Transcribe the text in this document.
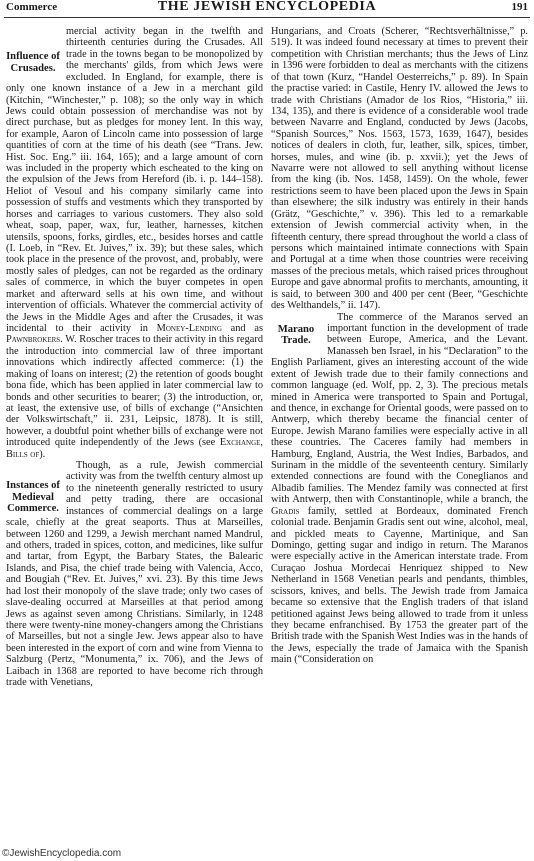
Commerce	THE JEWISH ENCYCLOPEDIA	191

Influence of Crusades.
mercial activity began in the twelfth and thirteenth centuries during the Crusades. All trade in the towns began to be monopolized by the merchants' gilds, from which Jews were excluded. In England, for example, there is only one known instance of a Jew in a merchant gild (Kitchin, “Winchester,” p. 108); so the only way in which Jews could obtain possession of merchandise was not by direct purchase, but as pledges for money lent. In this way, for example, Aaron of Lincoln came into possession of large quantities of corn at the time of his death (see “Trans. Jew. Hist. Soc. Eng.” iii. 164, 165); and a large amount of corn was included in the property which escheated to the king on the expulsion of the Jews from Hereford (ib. i. p. 144–158). Heliot of Vesoul and his company similarly came into possession of stuffs and vestments which they transported by horses and carriages to various customers. They also sold wheat, soap, paper, wax, fur, leather, harnesses, kitchen utensils, spoons, forks, girdles, etc., besides horses and cattle (I. Loeb, in “Rev. Et. Juives,” ix. 39); but these sales, which took place in the presence of the provost, and, probably, were mostly sales of pledges, can not be regarded as the ordinary sales of commerce, in which the buyer competes in open market and afterward sells at his own time, and without intervention of officials. Whatever the commercial activity of the Jews in the Middle Ages and after the Crusades, it was incidental to their activity in Money-Lending and as Pawnbrokers. W. Roscher traces to their activity in this regard the introduction into commercial law of three important innovations which indirectly affected commerce: (1) the making of loans on interest; (2) the retention of goods bought bona fide, which has been applied in later commercial law to bonds and other securities to bearer; (3) the introduction, or, at least, the extensive use, of bills of exchange (“Ansichten der Volkswirtschaft,” ii. 231, Leipsic, 1878). It is still, however, a doubtful point whether bills of exchange were not introduced quite independently of the Jews (see Exchange, Bills of).

Instances of Medieval Commerce.
Though, as a rule, Jewish commercial activity was from the twelfth century almost up to the nineteenth generally restricted to usury and petty trading, there are occasional instances of commercial dealings on a large scale, chiefly at the great seaports. Thus at Marseilles, between 1260 and 1299, a Jewish merchant named Mandrul, and others, traded in spices, cotton, and medicines, like sulfur and tartar, from Egypt, the Barbary States, the Balearic Islands, and Pisa, the chief trade being with Valencia, Acco, and Bougiah (“Rev. Et. Juives,” xvi. 23). By this time Jews had lost their monopoly of the slave trade; only two cases of slave-dealing occurred at Marseilles at that period among Jews as against seven among Christians. Similarly, in 1248 there were twenty-nine money-changers among the Christians of Marseilles, but not a single Jew. Jews appear also to have been interested in the export of corn and wine from Vienna to Salzburg (Pertz, “Monumenta,” ix. 706), and the Jews of Laibach in 1368 are reported to have become rich through trade with Venetians,

Hungarians, and Croats (Scherer, “Rechtsverhältnisse,” p. 519). It was indeed found necessary at times to prevent their competition with Christian merchants; thus the Jews of Linz in 1396 were forbidden to deal as merchants with the citizens of that town (Kurz, “Handel Oesterreichs,” p. 89). In Spain the practise varied: in Castile, Henry IV. allowed the Jews to trade with Christians (Amador de los Rios, “Historia,” iii. 134, 135), and there is evidence of a considerable wool trade between Navarre and England, conducted by Jews (Jacobs, “Spanish Sources,” Nos. 1563, 1573, 1639, 1647), besides notices of dealers in cloth, fur, leather, silk, spices, timber, horses, mules, and wine (ib. p. xxvii.); yet the Jews of Navarre were not allowed to sell anything without license from the king (ib. Nos. 1458, 1459). On the whole, fewer restrictions seem to have been placed upon the Jews in Spain than elsewhere; the silk industry was entirely in their hands (Grätz, “Geschichte,” v. 396). This led to a remarkable extension of Jewish commercial activity when, in the fifteenth century, there spread throughout the world a class of persons which maintained intimate connections with Spain and Portugal at a time when those countries were receiving masses of the precious metals, which raised prices throughout Europe and gave abnormal profits to merchants, amounting, it is said, to between 300 and 400 per cent (Beer, “Geschichte des Welthandels,” ii. 147).

Marano Trade.
The commerce of the Maranos served an important function in the development of trade between Europe, America, and the Levant. Manasseh ben Israel, in his “Declaration” to the English Parliament, gives an interesting account of the wide extent of Jewish trade due to their family connections and common language (ed. Wolf, pp. 2, 3). The precious metals mined in America were transported to Spain and Portugal, and thence, in exchange for Oriental goods, were passed on to Antwerp, which thereby became the financial center of Europe. Jewish Marano families were especially active in all these countries. The Caceres family had members in Hamburg, England, Austria, the West Indies, Barbados, and Surinam in the middle of the seventeenth century. Similarly extended connections are found with the Coneglianos and Albadib families. The Mendez family was connected at first with Antwerp, then with Constantinople, while a branch, the Gradis family, settled at Bordeaux, dominated French colonial trade. Benjamin Gradis sent out wine, alcohol, meal, and pickled meats to Cayenne, Martinique, and San Domingo, getting sugar and indigo in return. The Maranos were especially active in the American interstate trade. From Curaçao Joshua Mordecai Henriquez shipped to New Netherland in 1568 Venetian pearls and pendants, thimbles, scissors, knives, and bells. The Jewish trade from Jamaica became so extensive that the English traders of that island petitioned against Jews being allowed to trade from it unless they became enfranchised. By 1753 the greater part of the British trade with the Spanish West Indies was in the hands of the Jews, especially the trade of Jamaica with the Spanish main (“Consideration on

©JewishEncyclopedia.com
